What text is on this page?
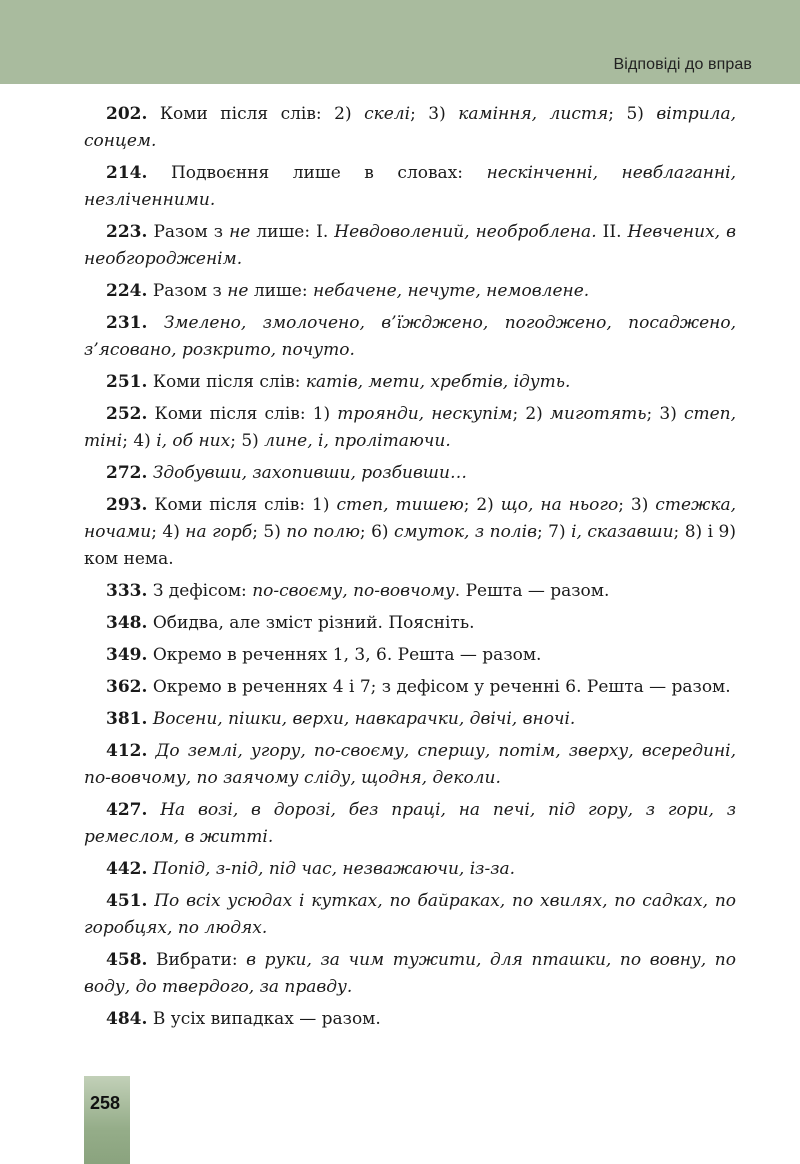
Відповіді до вправ

202. Коми після слів: 2) скелі; 3) каміння, листя; 5) вітрила, сонцем.

214. Подвоєння лише в словах: нескінченні, невблаганні, незліченними.

223. Разом з не лише: І. Невдоволений, необроблена. ІІ. Невчених, в необгородженім.

224. Разом з не лише: небачене, нечуте, немовлене.

231. Змелено, змолочено, в’їжджено, погоджено, посаджено, з’ясовано, розкрито, почуто.

251. Коми після слів: катів, мети, хребтів, ідуть.

252. Коми після слів: 1) троянди, нескупім; 2) миготять; 3) степ, тіні; 4) і, об них; 5) лине, і, пролітаючи.

272. Здобувши, захопивши, розбивши…

293. Коми після слів: 1) степ, тишею; 2) що, на нього; 3) стежка, ночами; 4) на горб; 5) по полю; 6) смуток, з полів; 7) і, сказавши; 8) і 9) ком нема.

333. З дефісом: по-своєму, по-вовчому. Решта — разом.

348. Обидва, але зміст різний. Поясніть.

349. Окремо в реченнях 1, 3, 6. Решта — разом.

362. Окремо в реченнях 4 і 7; з дефісом у реченні 6. Решта — разом.

381. Восени, пішки, верхи, навкарачки, двічі, вночі.

412. До землі, угору, по-своєму, спершу, потім, зверху, всередині, по-вовчому, по заячому сліду, щодня, деколи.

427. На возі, в дорозі, без праці, на печі, під гору, з гори, з ремеслом, в житті.

442. Попід, з-під, під час, незважаючи, із-за.

451. По всіх усюдах і кутках, по байраках, по хвилях, по садках, по горобцях, по людях.

458. Вибрати: в руки, за чим тужити, для пташки, по вовну, по воду, до твердого, за правду.

484. В усіх випадках — разом.

258
